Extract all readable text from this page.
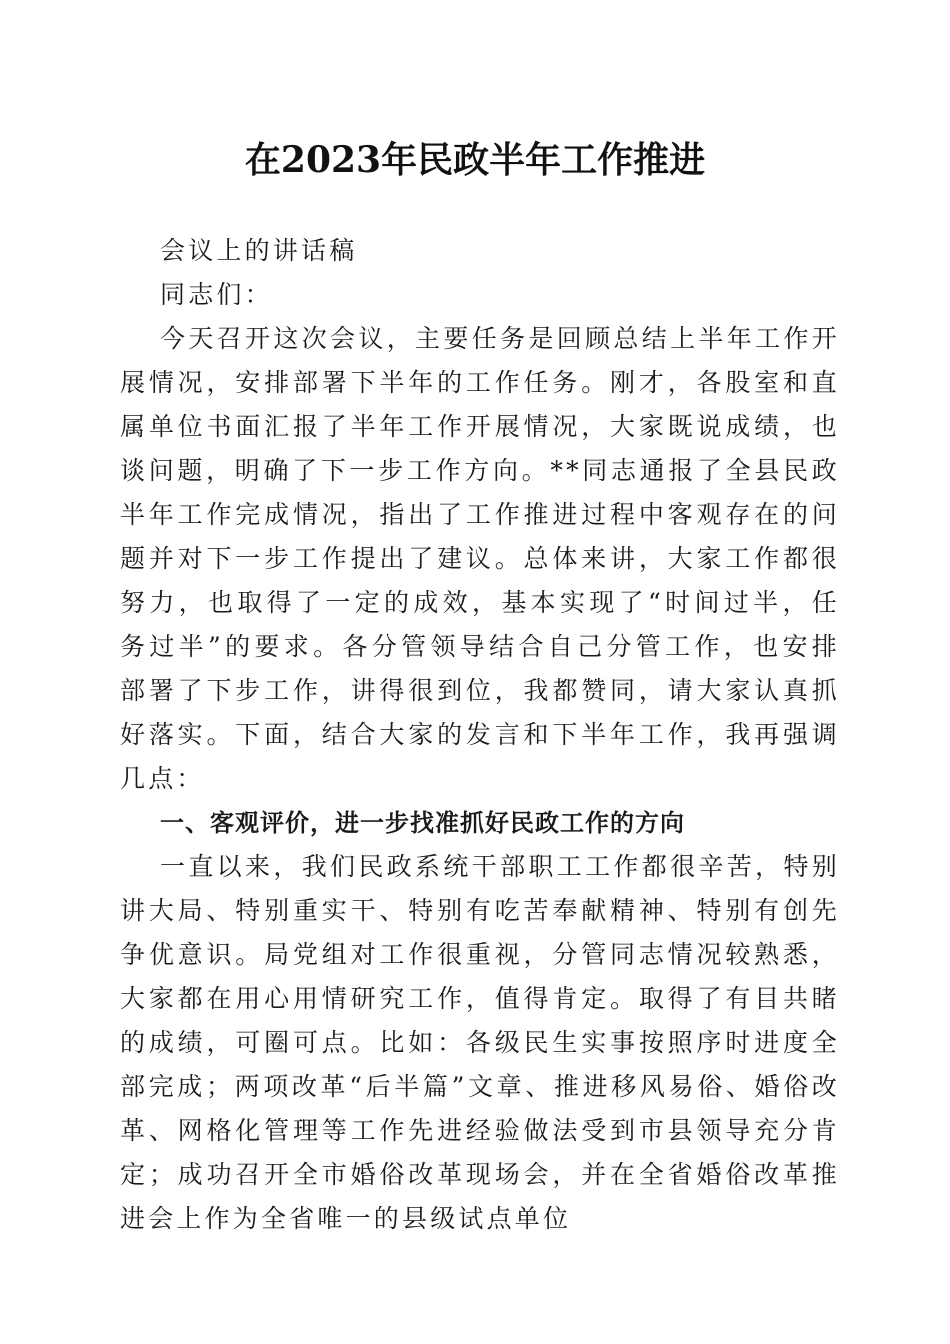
在2023年民政半年工作推进

会议上的讲话稿

同志们：

今天召开这次会议，主要任务是回顾总结上半年工作开展情况，安排部署下半年的工作任务。刚才，各股室和直属单位书面汇报了半年工作开展情况，大家既说成绩，也谈问题，明确了下一步工作方向。**同志通报了全县民政半年工作完成情况，指出了工作推进过程中客观存在的问题并对下一步工作提出了建议。总体来讲，大家工作都很努力，也取得了一定的成效，基本实现了“时间过半，任务过半”的要求。各分管领导结合自己分管工作，也安排部署了下步工作，讲得很到位，我都赞同，请大家认真抓好落实。下面，结合大家的发言和下半年工作，我再强调几点：

一、客观评价，进一步找准抓好民政工作的方向

一直以来，我们民政系统干部职工工作都很辛苦，特别讲大局、特别重实干、特别有吃苦奉献精神、特别有创先争优意识。局党组对工作很重视，分管同志情况较熟悉，大家都在用心用情研究工作，值得肯定。取得了有目共睹的成绩，可圈可点。比如：各级民生实事按照序时进度全部完成；两项改革“后半篇”文章、推进移风易俗、婚俗改革、网格化管理等工作先进经验做法受到市县领导充分肯定；成功召开全市婚俗改革现场会，并在全省婚俗改革推进会上作为全省唯一的县级试点单位
